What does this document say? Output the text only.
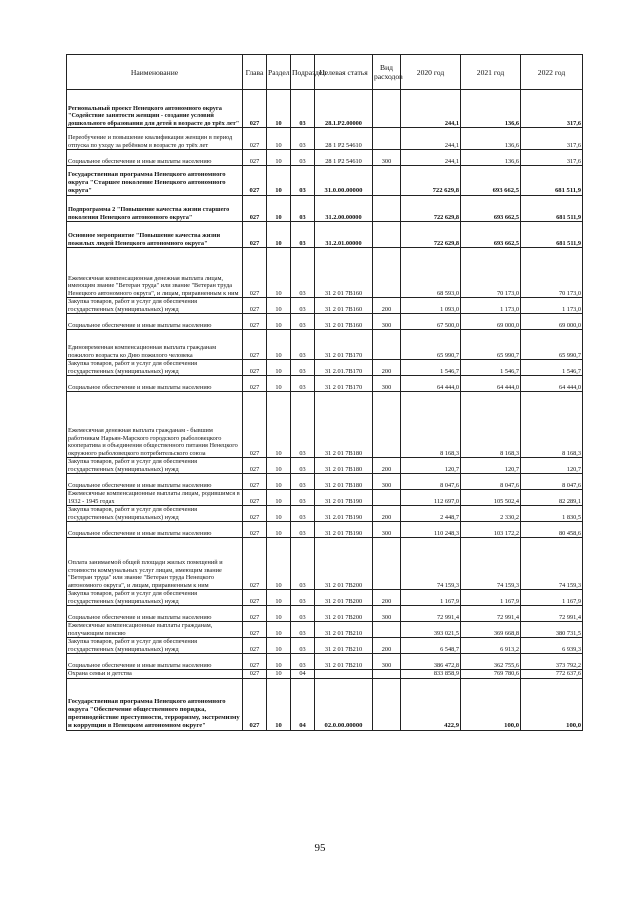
Наименование	Глава	Раздел	Подраздел	Целевая статья	Вид расходов	2020 год	2021 год	2022 год
Региональный проект Ненецкого автономного округа "Содействие занятости женщин - создание условий дошкольного образования для детей в возрасте до трёх лет"	027	10	03	28.1.P2.00000		244,1	136,6	317,6
Переобучение и повышение квалификации женщин в период отпуска по уходу за ребёнком в возрасте до трёх лет	027	10	03	28 1 P2 54610		244,1	136,6	317,6
Социальное обеспечение и иные выплаты населению	027	10	03	28 1 P2 54610	300	244,1	136,6	317,6
Государственная программа Ненецкого автономного округа "Старшее поколение Ненецкого автономного округа"	027	10	03	31.0.00.00000		722 629,8	693 662,5	681 511,9
Подпрограмма 2 "Повышение качества жизни старшего поколения Ненецкого автономного округа"	027	10	03	31.2.00.00000		722 629,8	693 662,5	681 511,9
Основное мероприятие "Повышение качества жизни пожилых людей Ненецкого автономного округа"	027	10	03	31.2.01.00000		722 629,8	693 662,5	681 511,9
Ежемесячная компенсационная денежная выплата лицам, имеющим звание "Ветеран труда" или звание "Ветеран труда Ненецкого автономного округа", и лицам, приравненным к ним	027	10	03	31 2 01 7В160		68 593,0	70 173,0	70 173,0
Закупка товаров, работ и услуг для обеспечения государственных (муниципальных) нужд	027	10	03	31 2 01 7В160	200	1 093,0	1 173,0	1 173,0
Социальное обеспечение и иные выплаты населению	027	10	03	31 2 01 7В160	300	67 500,0	69 000,0	69 000,0
Единовременная компенсационная выплата гражданам пожилого возраста ко Дню пожилого человека	027	10	03	31 2 01 7В170		65 990,7	65 990,7	65 990,7
Закупка товаров, работ и услуг для обеспечения государственных (муниципальных) нужд	027	10	03	31 2.01.7В170	200	1 546,7	1 546,7	1 546,7
Социальное обеспечение и иные выплаты населению	027	10	03	31 2 01 7В170	300	64 444,0	64 444,0	64 444,0
Ежемесячная денежная выплата гражданам - бывшим работникам Нарьян-Марского городского рыболовецкого кооператива и объединения общественного питания Ненецкого окружного рыболовецкого потребительского союза	027	10	03	31 2 01 7В180		8 168,3	8 168,3	8 168,3
Закупка товаров, работ и услуг для обеспечения государственных (муниципальных) нужд	027	10	03	31 2 01 7В180	200	120,7	120,7	120,7
Социальное обеспечение и иные выплаты населению	027	10	03	31 2 01 7В180	300	8 047,6	8 047,6	8 047,6
Ежемесячные компенсационные выплаты лицам, родившимся в 1932 - 1945 годах	027	10	03	31 2 01 7В190		112 697,0	105 502,4	82 289,1
Закупка товаров, работ и услуг для обеспечения государственных (муниципальных) нужд	027	10	03	31 2.01 7В190	200	2 448,7	2 330,2	1 830,5
Социальное обеспечение и иные выплаты населению	027	10	03	31 2 01 7В190	300	110 248,3	103 172,2	80 458,6
Оплата занимаемой общей площади жилых помещений и стоимости коммунальных услуг лицам, имеющим звание "Ветеран труда" или звание "Ветеран труда Ненецкого автономного округа", и лицам, приравненным к ним	027	10	03	31 2 01 7В200		74 159,3	74 159,3	74 159,3
Закупка товаров, работ и услуг для обеспечения государственных (муниципальных) нужд	027	10	03	31 2 01 7В200	200	1 167,9	1 167,9	1 167,9
Социальное обеспечение и иные выплаты населению	027	10	03	31 2 01 7В200	300	72 991,4	72 991,4	72 991,4
Ежемесячные компенсационные выплаты гражданам, получающим пенсию	027	10	03	31 2 01 7В210		393 021,5	369 668,8	380 731,5
Закупка товаров, работ и услуг для обеспечения государственных (муниципальных) нужд	027	10	03	31 2 01 7В210	200	6 548,7	6 913,2	6 939,3
Социальное обеспечение и иные выплаты населению	027	10	03	31 2 01 7В210	300	386 472,8	362 755,6	373 792,2
Охрана семьи и детства	027	10	04			833 858,9	769 780,6	772 637,6
Государственная программа Ненецкого автономного округа "Обеспечение общественного порядка, противодействие преступности, терроризму, экстремизму и коррупции в Ненецком автономном округе"	027	10	04	02.0.00.00000		422,9	100,0	100,0
95
